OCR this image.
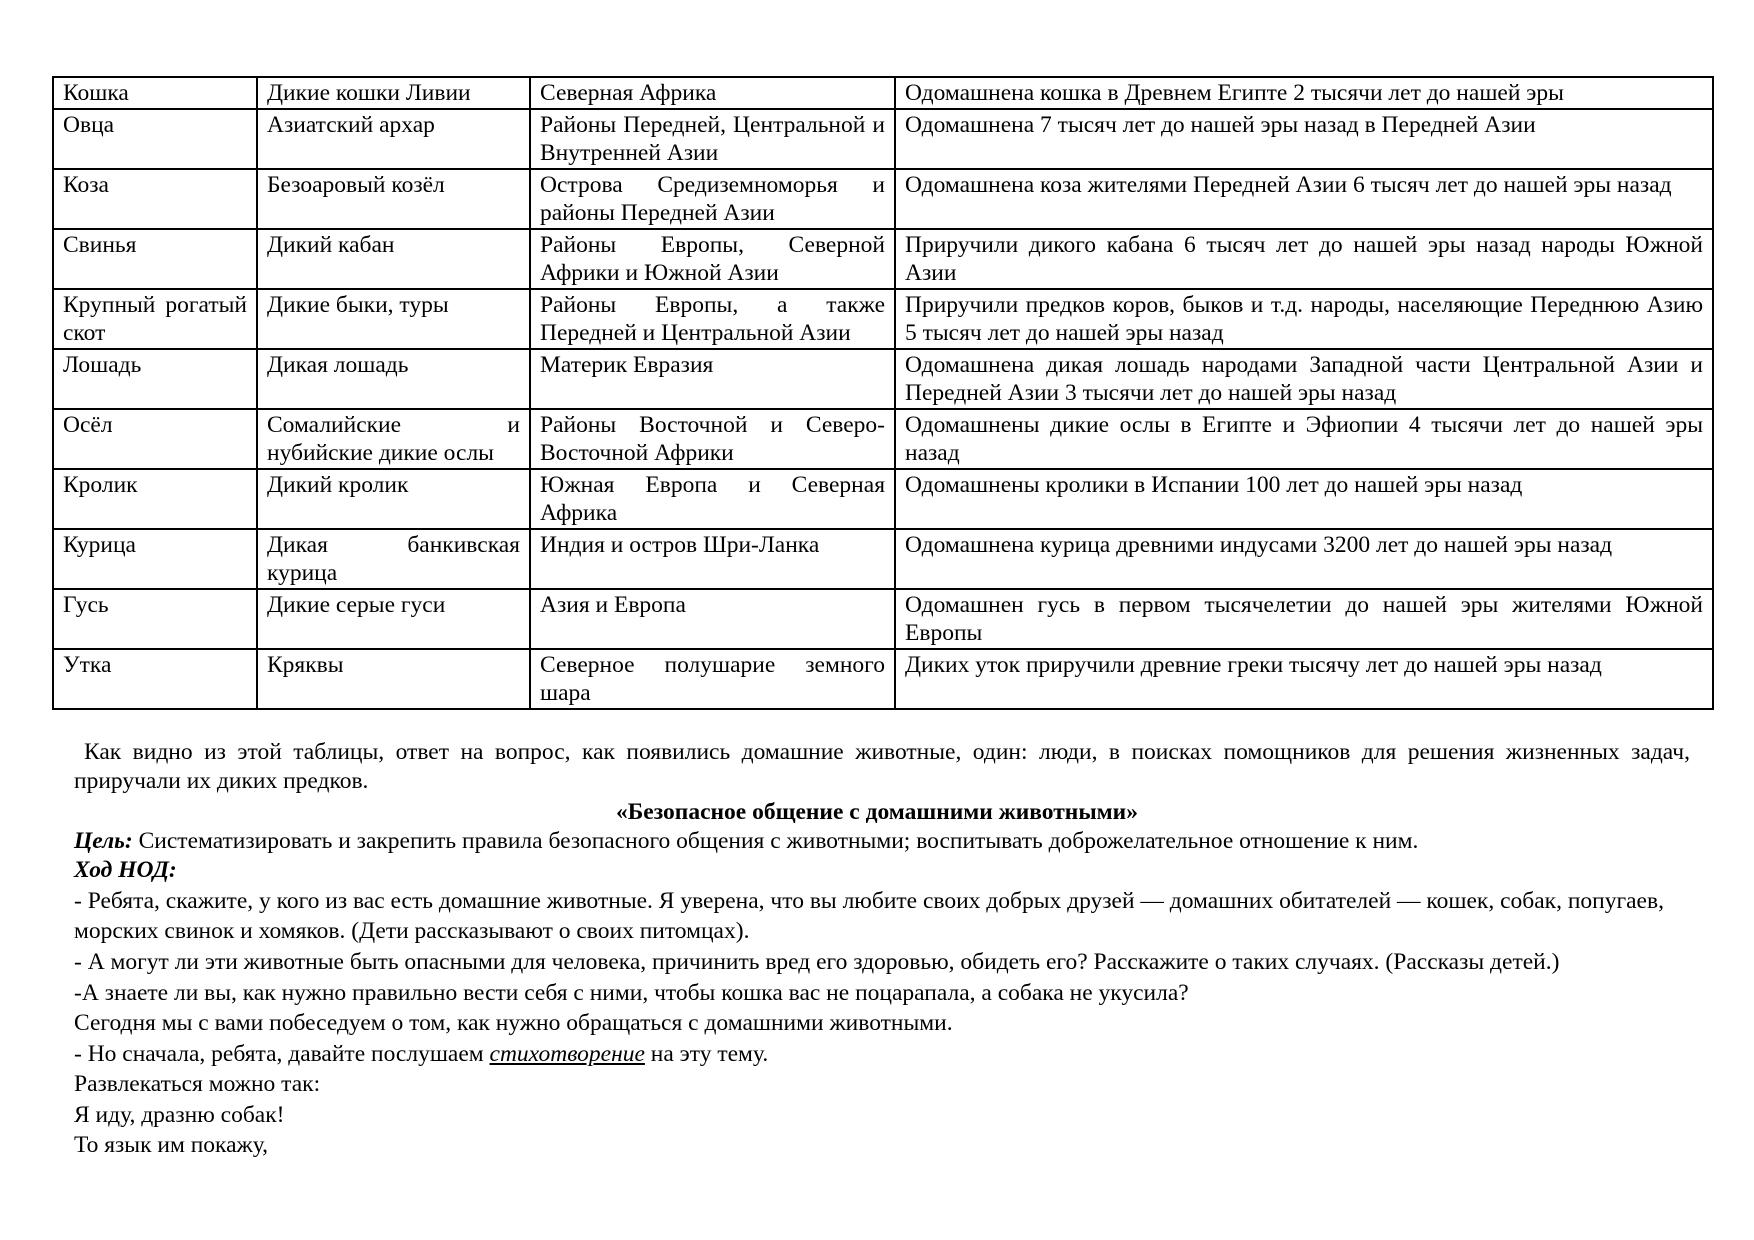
Кошка	Дикие кошки Ливии	Северная Африка	Одомашнена кошка в Древнем Египте 2 тысячи лет до нашей эры
Овца	Азиатский архар	Районы Передней, Центральной и Внутренней Азии	Одомашнена 7 тысяч лет до нашей эры назад в Передней Азии
Коза	Безоаровый козёл	Острова Средиземноморья и районы Передней Азии	Одомашнена коза жителями Передней Азии 6 тысяч лет до нашей эры назад
Свинья	Дикий кабан	Районы Европы, Северной Африки и Южной Азии	Приручили дикого кабана 6 тысяч лет до нашей эры назад народы Южной Азии
Крупный рогатый скот	Дикие быки, туры	Районы Европы, а также Передней и Центральной Азии	Приручили предков коров, быков и т.д. народы, населяющие Переднюю Азию 5 тысяч лет до нашей эры назад
Лошадь	Дикая лошадь	Материк Евразия	Одомашнена дикая лошадь народами Западной части Центральной Азии и Передней Азии 3 тысячи лет до нашей эры назад
Осёл	Сомалийские и нубийские дикие ослы	Районы Восточной и Северо-Восточной Африки	Одомашнены дикие ослы в Египте и Эфиопии 4 тысячи лет до нашей эры назад
Кролик	Дикий кролик	Южная Европа и Северная Африка	Одомашнены кролики в Испании 100 лет до нашей эры назад
Курица	Дикая банкивская курица	Индия и остров Шри-Ланка	Одомашнена курица древними индусами 3200 лет до нашей эры назад
Гусь	Дикие серые гуси	Азия и Европа	Одомашнен гусь в первом тысячелетии до нашей эры жителями Южной Европы
Утка	Кряквы	Северное полушарие земного шара	Диких уток приручили древние греки тысячу лет до нашей эры назад
Как видно из этой таблицы, ответ на вопрос, как появились домашние животные, один: люди, в поисках помощников для решения жизненных задач, приручали их диких предков.
«Безопасное общение с домашними животными»
Цель: Систематизировать и закрепить правила безопасного общения с животными; воспитывать доброжелательное отношение к ним.
Ход НОД:
- Ребята, скажите, у кого из вас есть домашние животные. Я уверена, что вы любите своих добрых друзей — домашних обитателей — кошек, собак, попугаев, морских свинок и хомяков. (Дети рассказывают о своих питомцах).
- А могут ли эти животные быть опасными для человека, причинить вред его здоровью, обидеть его? Расскажите о таких случаях. (Рассказы детей.)
-А знаете ли вы, как нужно правильно вести себя с ними, чтобы кошка вас не поцарапала, а собака не укусила?
Сегодня мы с вами побеседуем о том, как нужно обращаться с домашними животными.
- Но сначала, ребята, давайте послушаем стихотворение на эту тему.
Развлекаться можно так:
Я иду, дразню собак!
То язык им покажу,
